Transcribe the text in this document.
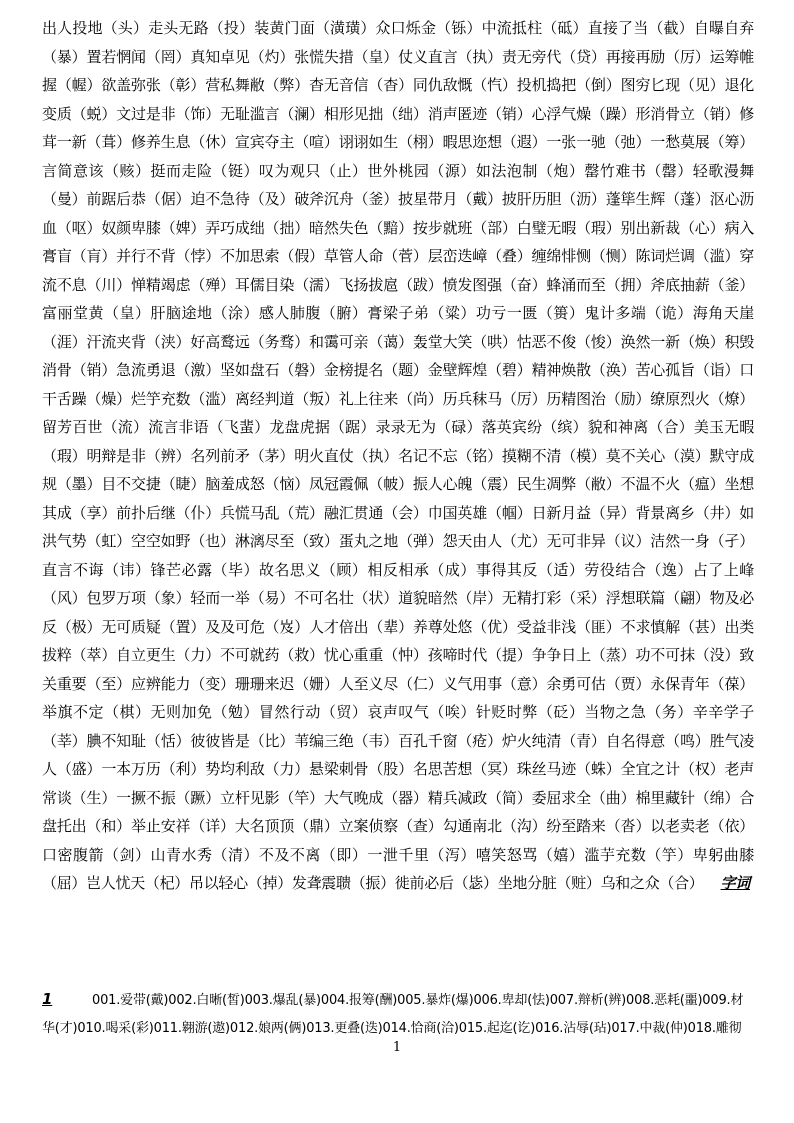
出人投地（头）走头无路（投）装黄门面（潢璜）众口烁金（铄）中流抵柱（砥）直接了当（截）自曝自弃（暴）置若惘闻（罔）真知卓见（灼）张慌失措（皇）仗义直言（执）责无旁代（贷）再接再励（厉）运筹帷握（幄）欲盖弥张（彰）营私舞敝（弊）杳无音信（杳）同仇敌慨（忾）投机捣把（倒）图穷匕现（见）退化变质（蜕）文过是非（饰）无耻滥言（澜）相形见拙（绌）消声匿迹（销）心浮气燥（躁）形消骨立（销）修茸一新（葺）修养生息（休）宣宾夺主（喧）诩诩如生（栩）暇思迩想（遐）一张一驰（弛）一愁莫展（筹）言简意该（赅）挺而走险（铤）叹为观只（止）世外桃园（源）如法泡制（炮）罄竹难书（罄）轻歌漫舞（曼）前踞后恭（倨）迫不急待（及）破斧沉舟（釜）披星带月（戴）披肝历胆（沥）蓬筚生辉（蓬）沤心沥血（呕）奴颜卑膝（婢）弄巧成绌（拙）暗然失色（黯）按步就班（部）白璧无暇（瑕）别出新裁（心）病入膏盲（肓）并行不背（悖）不加思索（假）草管人命（菅）层峦迭嶂（叠）缠绵悱恻（恻）陈词烂调（滥）穿流不息（川）惮精竭虑（殚）耳儒目染（濡）飞扬拔扈（跋）愤发图强（奋）蜂涌而至（拥）斧底抽薪（釜）富丽堂黄（皇）肝脑途地（涂）感人肺腹（腑）膏梁子弟（粱）功亏一匮（篑）鬼计多端（诡）海角天崖（涯）汗流夹背（浃）好高鹜远（务骛）和霭可亲（蔼）轰堂大笑（哄）怙恶不俊（悛）涣然一新（焕）积毁消骨（销）急流勇退（激）坚如盘石（磐）金榜提名（题）金壁辉煌（碧）精神焕散（涣）苦心孤旨（诣）口干舌躁（燥）烂竽充数（滥）离经判道（叛）礼上往来（尚）历兵秣马（厉）历精图治（励）缭原烈火（燎）留芳百世（流）流言非语（飞蜚）龙盘虎据（踞）录录无为（碌）落英宾纷（缤）貌和神离（合）美玉无暇（瑕）明辩是非（辨）名列前矛（茅）明火直仗（执）名记不忘（铭）摸糊不清（模）莫不关心（漠）默守成规（墨）目不交捷（睫）脑羞成怒（恼）凤冠霞佩（帔）振人心魄（震）民生凋弊（敝）不温不火（瘟）坐想其成（享）前扑后继（仆）兵慌马乱（荒）融汇贯通（会）巾国英雄（帼）日新月益（异）背景离乡（井）如洪气势（虹）空空如野（也）淋漓尽至（致）蛋丸之地（弹）怨天由人（尤）无可非异（议）洁然一身（孑）直言不诲（讳）锋芒必露（毕）故名思义（顾）相反相承（成）事得其反（适）劳役结合（逸）占了上峰（风）包罗万项（象）轻而一举（易）不可名壮（状）道貌暗然（岸）无精打彩（采）浮想联篇（翩）物及必反（极）无可质疑（置）及及可危（岌）人才倍出（辈）养尊处悠（优）受益非浅（匪）不求慎解（甚）出类拔粹（萃）自立更生（力）不可就药（救）忧心重重（忡）孩啼时代（提）争争日上（蒸）功不可抹（没）致关重要（至）应辨能力（变）珊珊来迟（姗）人至义尽（仁）义气用事（意）余勇可估（贾）永保青年（葆）举旗不定（棋）无则加免（勉）冒然行动（贸）哀声叹气（唉）针贬时弊（砭）当物之急（务）辛辛学子（莘）腆不知耻（恬）彼彼皆是（比）苇编三绝（韦）百孔千窗（疮）炉火纯清（青）自名得意（鸣）胜气凌人（盛）一本万历（利）势均利敌（力）悬梁刺骨（股）名思苦想（冥）珠丝马迹（蛛）全宜之计（权）老声常谈（生）一撅不振（蹶）立杆见影（竿）大气晚成（器）精兵减政（简）委屈求全（曲）棉里藏针（绵）合盘托出（和）举止安祥（详）大名顶顶（鼎）立案侦察（查）勾通南北（沟）纷至踏来（沓）以老卖老（依）口密腹箭（剑）山青水秀（清）不及不离（即）一泄千里（泻）嘻笑怒骂（嬉）滥芋充数（竽）卑躬曲膝（屈）岂人忧天（杞）吊以轻心（掉）发聋震聩（振）徙前必后（毖）坐地分脏（赃）乌和之众（合） 字词
1	001.爱带(戴)002.白晰(皙)003.爆乱(暴)004.报筹(酬)005.暴炸(爆)006.卑却(怯)007.辩析(辨)008.恶耗(噩)009.材华(才)010.喝采(彩)011.翱游(遨)012.娘两(俩)013.更叠(迭)014.恰商(洽)015.起迄(讫)016.沾辱(玷)017.中裁(仲)018.雕彻
1
